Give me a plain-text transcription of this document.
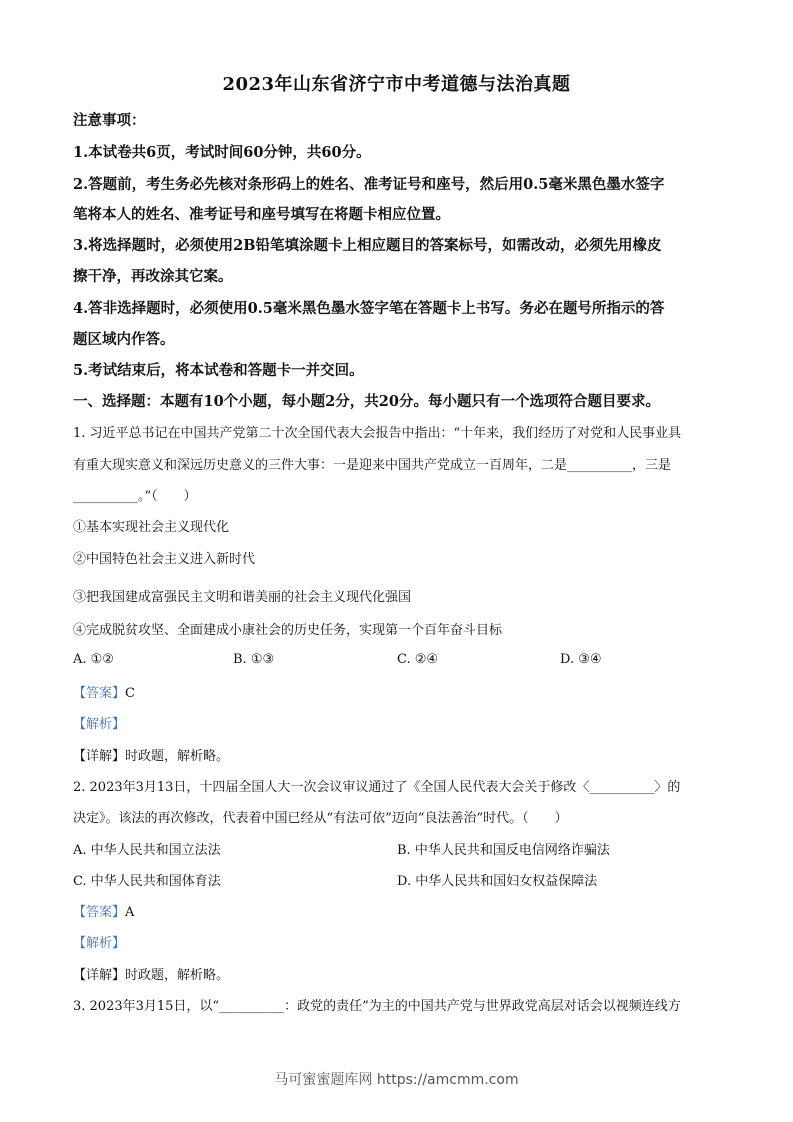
2023年山东省济宁市中考道德与法治真题
注意事项：
1.本试卷共6页，考试时间60分钟，共60分。
2.答题前，考生务必先核对条形码上的姓名、准考证号和座号，然后用0.5毫米黑色墨水签字
笔将本人的姓名、准考证号和座号填写在将题卡相应位置。
3.将选择题时，必须使用2B铅笔填涂题卡上相应题目的答案标号，如需改动，必须先用橡皮
擦干净，再改涂其它案。
4.答非选择题时，必须使用0.5毫米黑色墨水签字笔在答题卡上书写。务必在题号所指示的答
题区域内作答。
5.考试结束后，将本试卷和答题卡一并交回。
一、选择题：本题有10个小题，每小题2分，共20分。每小题只有一个选项符合题目要求。
1. 习近平总书记在中国共产党第二十次全国代表大会报告中指出：“十年来，我们经历了对党和人民事业具
有重大现实意义和深远历史意义的三件大事：一是迎来中国共产党成立一百周年，二是__________，三是
__________。”（　　）
①基本实现社会主义现代化
②中国特色社会主义进入新时代
③把我国建成富强民主文明和谐美丽的社会主义现代化强国
④完成脱贫攻坚、全面建成小康社会的历史任务，实现第一个百年奋斗目标
A. ①②	B. ①③	C. ②④	D. ③④
【答案】C
【解析】
【详解】时政题，解析略。
2. 2023年3月13日，十四届全国人大一次会议审议通过了《全国人民代表大会关于修改〈__________〉的
决定》。该法的再次修改，代表着中国已经从“有法可依”迈向“良法善治”时代。（　　）
A. 中华人民共和国立法法	B. 中华人民共和国反电信网络诈骗法
C. 中华人民共和国体育法	D. 中华人民共和国妇女权益保障法
【答案】A
【解析】
【详解】时政题，解析略。
3. 2023年3月15日，以“__________：政党的责任”为主的中国共产党与世界政党高层对话会以视频连线方
马可蜜蜜题库网 https://amcmm.com
